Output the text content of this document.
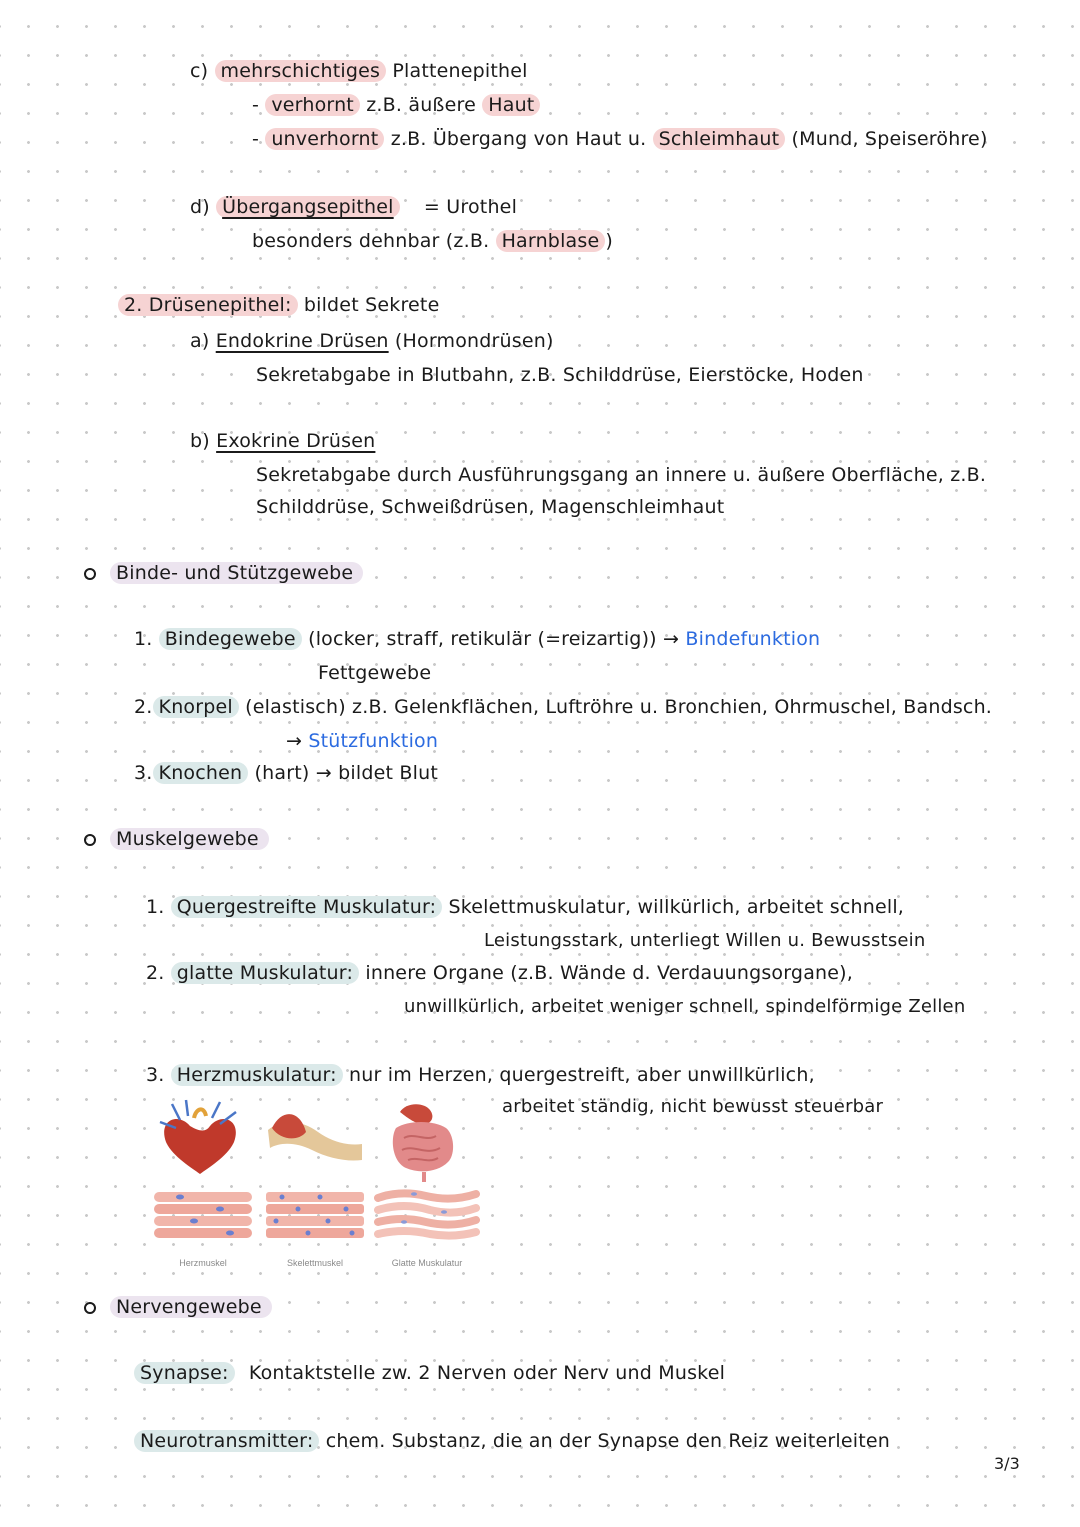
c) mehrschichtiges Plattenepithel
- verhornt z.B. äußere Haut
- unverhornt z.B. Übergang von Haut u. Schleimhaut (Mund, Speiseröhre)
d) Übergangsepithel = Urothel
besonders dehnbar (z.B. Harnblase )
2. Drüsenepithel: bildet Sekrete
a) Endokrine Drüsen (Hormondrüsen)
Sekretabgabe in Blutbahn, z.B. Schilddrüse, Eierstöcke, Hoden
b) Exokrine Drüsen
Sekretabgabe durch Ausführungsgang an innere u. äußere Oberfläche, z.B.
Schilddrüse, Schweißdrüsen, Magenschleimhaut
Binde- und Stützgewebe
1. Bindegewebe (locker, straff, retikulär (=reizartig)) → Bindefunktion
Fettgewebe
2. Knorpel (elastisch) z.B. Gelenkflächen, Luftröhre u. Bronchien, Ohrmuschel, Bandsch.
→ Stützfunktion
3. Knochen (hart) → bildet Blut
Muskelgewebe
1. Quergestreifte Muskulatur: Skelettmuskulatur, willkürlich, arbeitet schnell,
Leistungsstark, unterliegt Willen u. Bewusstsein
2. glatte Muskulatur: innere Organe (z.B. Wände d. Verdauungsorgane),
unwillkürlich, arbeitet weniger schnell, spindelförmige Zellen
3. Herzmuskulatur: nur im Herzen, quergestreift, aber unwillkürlich,
arbeitet ständig, nicht bewusst steuerbar
Herzmuskel	Skelettmuskel	Glatte Muskulatur
Nervengewebe
Synapse: Kontaktstelle zw. 2 Nerven oder Nerv und Muskel
Neurotransmitter: chem. Substanz, die an der Synapse den Reiz weiterleiten
3/3
